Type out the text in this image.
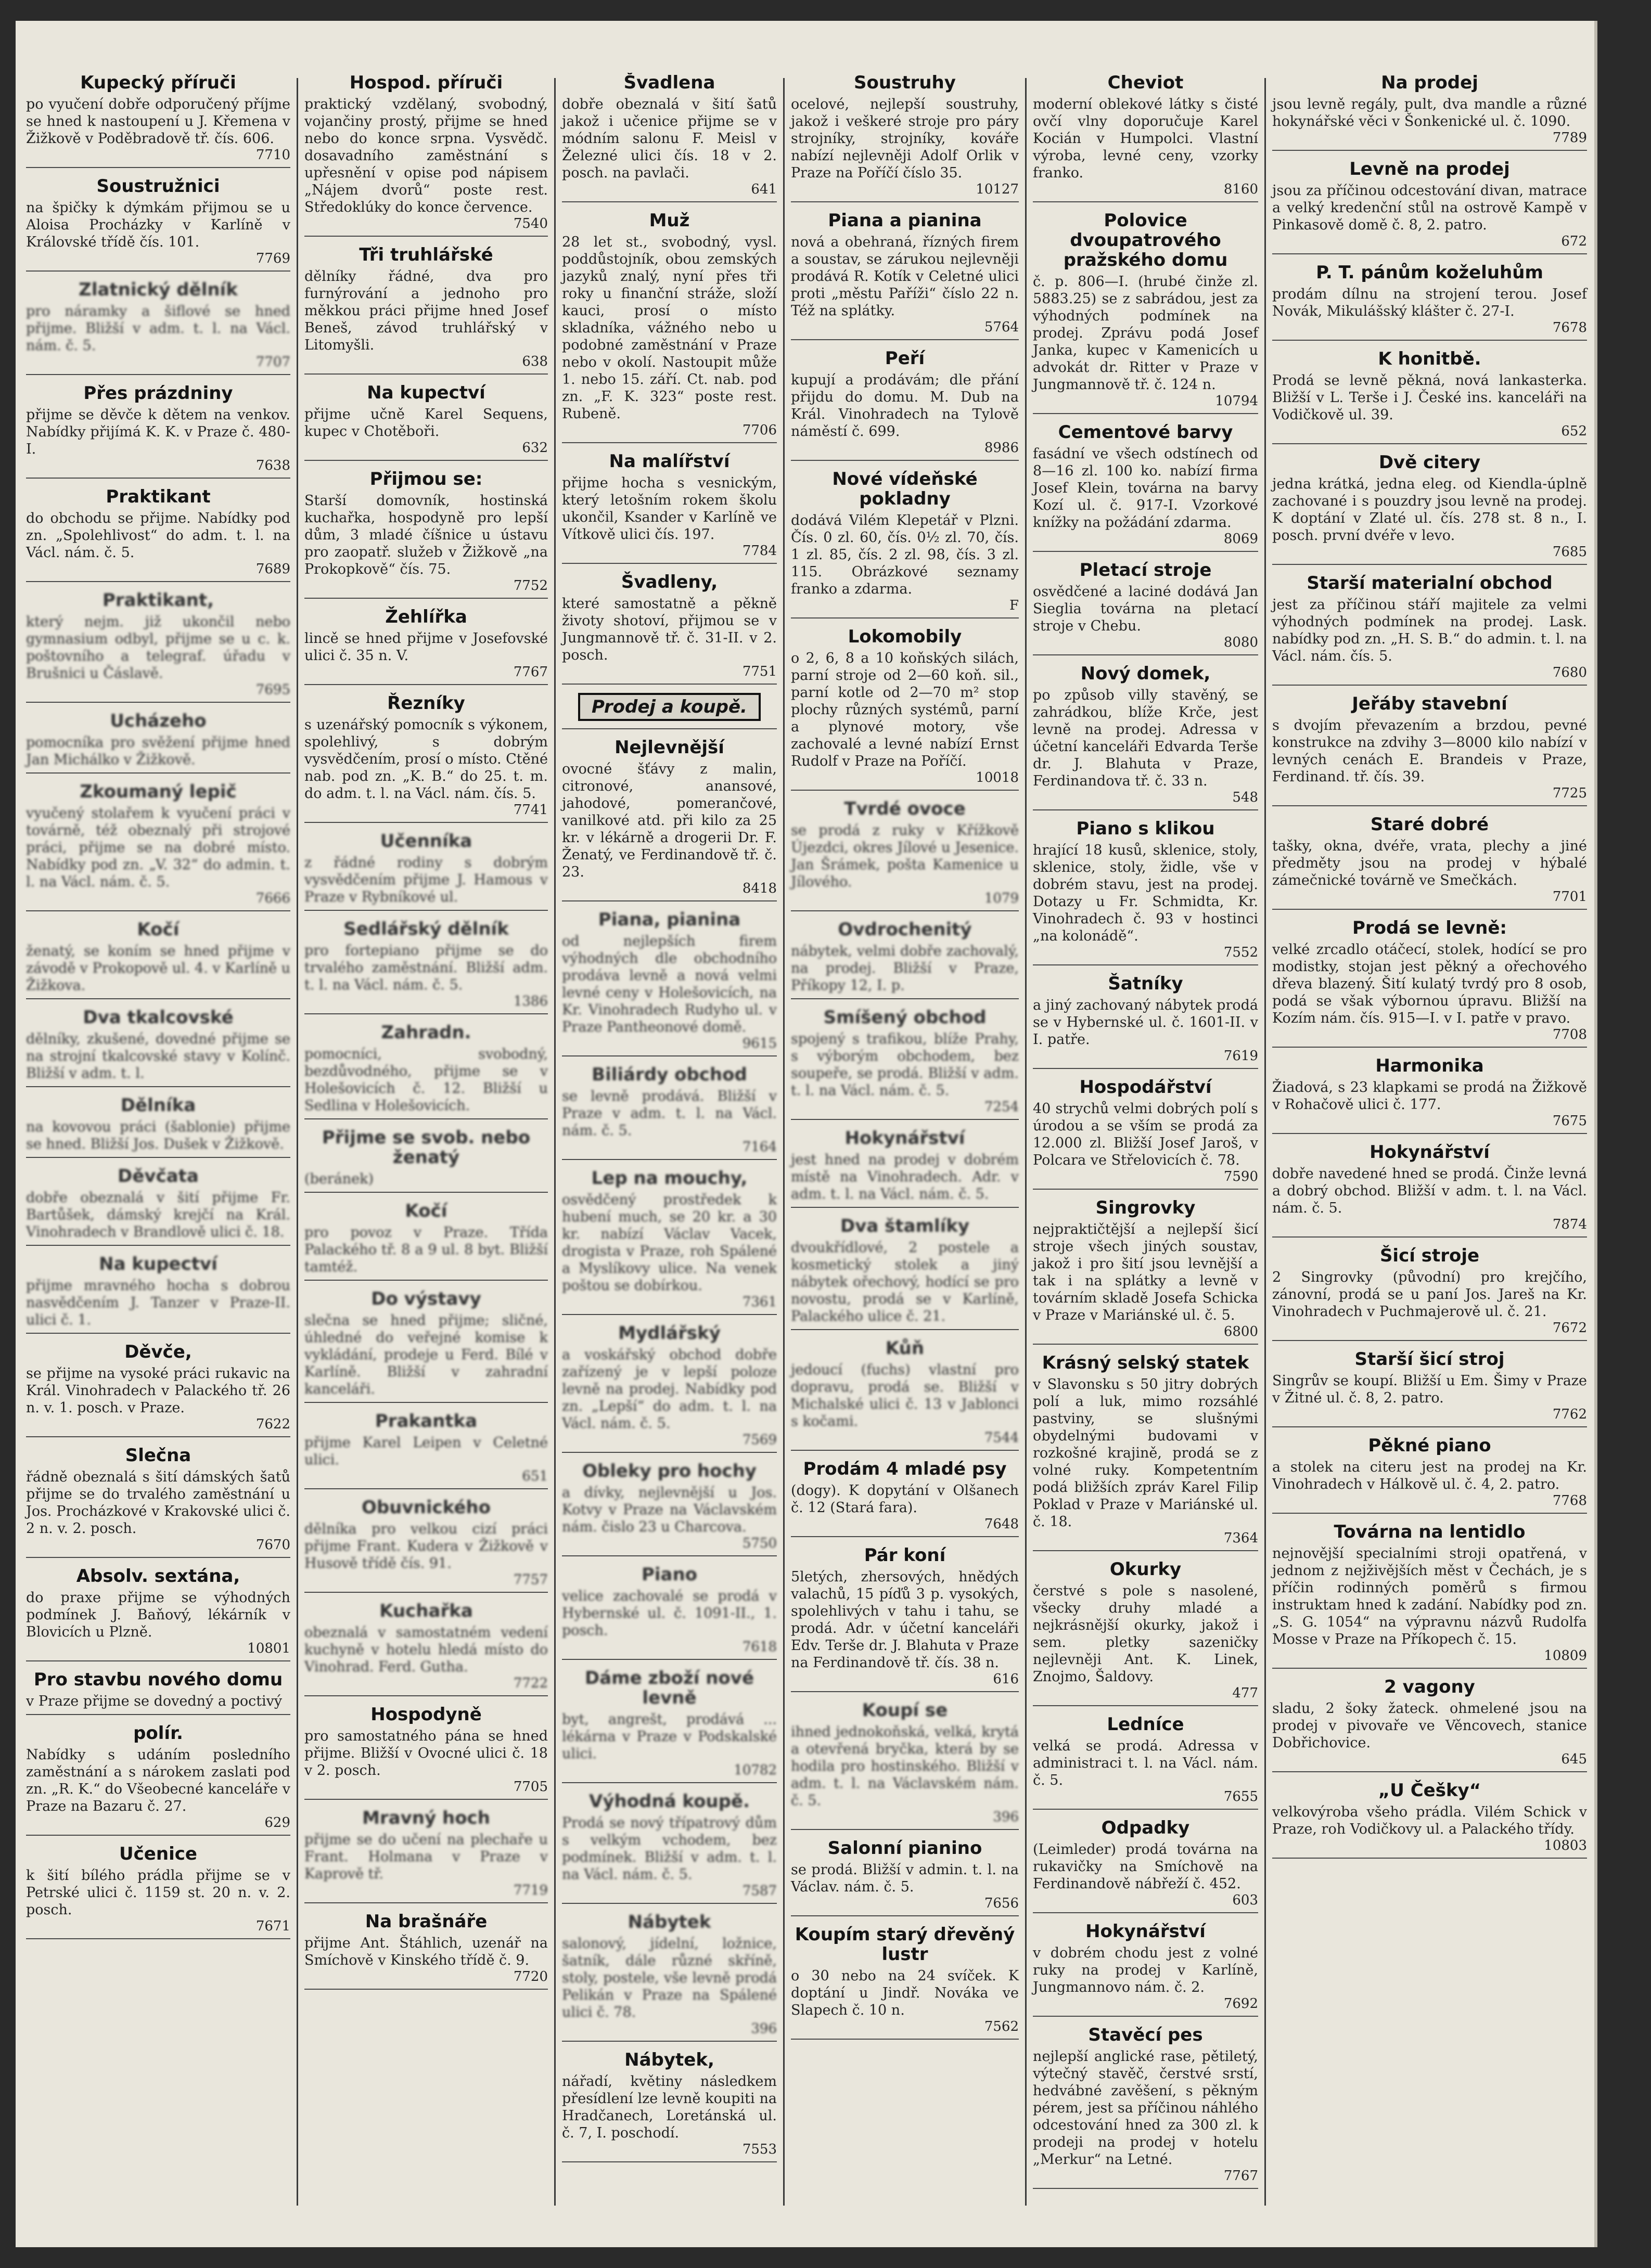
Kupecký příruči

po vyučení dobře odporučený příjme se hned k nastoupení u J. Křemena v Žižkově v Poděbradově tř. čís. 606.

7710
Soustružnici

na špičky k dýmkám přijmou se u Aloisa Procházky v Karlíně v Královské třídě čís. 101.

7769
Zlatnický dělník

pro náramky a šiflové se hned přijme. Bližší v adm. t. l. na Václ. nám. č. 5.

7707
Přes prázdniny

přijme se děvče k dětem na venkov. Nabídky přijímá K. K. v Praze č. 480-I.

7638
Praktikant

do obchodu se přijme. Nabídky pod zn. „Spolehlivost“ do adm. t. l. na Václ. nám. č. 5.

7689
Praktikant,

který nejm. již ukončil nebo gymnasium odbyl, přijme se u c. k. poštovního a telegraf. úřadu v Brušnici u Čáslavě.

7695
Ucházeho

pomocníka pro svěžení přijme hned Jan Michálko v Žižkově.

Zkoumaný lepič

vyučený stolařem k vyučení práci v továrně, též obeznalý při strojové práci, přijme se na dobré místo. Nabídky pod zn. „V. 32“ do admin. t. l. na Václ. nám. č. 5.

7666
Kočí

ženatý, se koním se hned přijme v závodě v Prokopově ul. 4. v Karlíně u Žižkova.

Dva tkalcovské

dělníky, zkušené, dovedné přijme se na strojní tkalcovské stavy v Kolínč. Bližší v adm. t. l.

Dělníka

na kovovou práci (šablonie) přijme se hned. Bližší Jos. Dušek v Žižkově.

Děvčata

dobře obeznalá v šití přijme Fr. Bartůšek, dámský krejčí na Král. Vinohradech v Brandlově ulici č. 18.

Na kupectví

přijme mravného hocha s dobrou nasvědčením J. Tanzer v Praze-II. ulici č. 1.

Děvče,

se přijme na vysoké práci rukavic na Král. Vinohradech v Palackého tř. 26 n. v. 1. posch. v Praze.

7622
Slečna

řádně obeznalá s šití dámských šatů přijme se do trvalého zaměstnání u Jos. Procházkové v Krakovské ulici č. 2 n. v. 2. posch.

7670
Absolv. sextána,

do praxe přijme se výhodných podmínek J. Baňový, lékárník v Blovicích u Plzně.

10801
Pro stavbu nového domu

v Praze přijme se dovedný a poctivý

polír.

Nabídky s udáním posledního zaměstnání a s nárokem zaslati pod zn. „R. K.“ do Všeobecné kanceláře v Praze na Bazaru č. 27.

629
Učenice

k šití bílého prádla přijme se v Petrské ulici č. 1159 st. 20 n. v. 2. posch.

7671
Hospod. příruči

praktický vzdělaný, svobodný, vojančiny prostý, přijme se hned nebo do konce srpna. Vysvědč. dosavadního zaměstnání s upřesnění v opise pod nápisem „Nájem dvorů“ poste rest. Středoklúky do konce července.

7540
Tři truhlářské

dělníky řádné, dva pro furnýrování a jednoho pro měkkou práci přijme hned Josef Beneš, závod truhlářský v Litomyšli.

638
Na kupectví

přijme učně Karel Sequens, kupec v Chotěboři.

632
Přijmou se:

Starší domovník, hostinská kuchařka, hospodyně pro lepší dům, 3 mladé číšnice u ústavu pro zaopatř. služeb v Žižkově „na Prokopkově“ čís. 75.

7752
Žehlířka

lincě se hned přijme v Josefovské ulici č. 35 n. V.

7767
Řezníky

s uzenářský pomocník s výkonem, spolehlivý, s dobrým vysvědčením, prosí o místo. Ctěné nab. pod zn. „K. B.“ do 25. t. m. do adm. t. l. na Václ. nám. čís. 5.

7741
Učenníka

z řádné rodiny s dobrým vysvědčením přijme J. Hamous v Praze v Rybníkové ul.

Sedlářský dělník

pro fortepiano přijme se do trvalého zaměstnání. Bližší adm. t. l. na Václ. nám. č. 5.

1386
Zahradn.

pomocníci, svobodný, bezdůvodného, přijme se v Holešovicích č. 12. Bližší u Sedlina v Holešovicích.

Přijme se svob. nebo ženatý

(beránek)

Kočí

pro povoz v Praze. Třída Palackého tř. 8 a 9 ul. 8 byt. Bližší tamtéž.

Do výstavy

slečna se hned přijme; sličné, úhledné do veřejné komise k vykládání, prodeje u Ferd. Bílé v Karlíně. Bližší v zahradní kanceláři.

Prakantka

přijme Karel Leipen v Celetné ulici.

651
Obuvnického

dělníka pro velkou cizí práci přijme Frant. Kudera v Žižkově v Husově třídě čís. 91.

7757
Kuchařka

obeznalá v samostatném vedení kuchyně v hotelu hledá místo do Vinohrad. Ferd. Gutha.

7722
Hospodyně

pro samostatného pána se hned přijme. Bližší v Ovocné ulici č. 18 v 2. posch.

7705
Mravný hoch

přijme se do učení na plechaře u Frant. Holmana v Praze v Kaprově tř.

7719
Na brašnáře

přijme Ant. Štáhlich, uzenář na Smíchově v Kinského třídě č. 9.

7720
Švadlena

dobře obeznalá v šití šatů jakož i učenice přijme se v módním salonu F. Meisl v Železné ulici čís. 18 v 2. posch. na pavlači.

641
Muž

28 let st., svobodný, vysl. poddůstojník, obou zemských jazyků znalý, nyní přes tři roky u finanční stráže, složí kauci, prosí o místo skladníka, vážného nebo u podobné zaměstnání v Praze nebo v okolí. Nastoupit může 1. nebo 15. září. Ct. nab. pod zn. „F. K. 323“ poste rest. Rubeně.

7706
Na malířství

přijme hocha s vesnickým, který letošním rokem školu ukončil, Ksander v Karlíně ve Vítkově ulici čís. 197.

7784
Švadleny,

které samostatně a pěkně životy shotoví, přijmou se v Jungmannově tř. č. 31-II. v 2. posch.

7751
Prodej a koupě.
Nejlevnější

ovocné šťávy z malin, citronové, anansové, jahodové, pomerančové, vanilkové atd. při kilo za 25 kr. v lékárně a drogerii Dr. F. Ženatý, ve Ferdinandově tř. č. 23.

8418
Piana, pianina

od nejlepších firem výhodných dle obchodního prodáva levně a nová velmi levné ceny v Holešovicích, na Kr. Vinohradech Rudyho ul. v Praze Pantheonové domě.

9615
Biliárdy obchod

se levně prodává. Bližší v Praze v adm. t. l. na Václ. nám. č. 5.

7164
Lep na mouchy,

osvědčený prostředek k hubení much, se 20 kr. a 30 kr. nabízí Václav Vacek, drogista v Praze, roh Spálené a Myslíkovy ulice. Na venek poštou se dobírkou.

7361
Mydlářský

a voskářský obchod dobře zařízený je v lepší poloze levně na prodej. Nabídky pod zn. „Lepší“ do adm. t. l. na Václ. nám. č. 5.

7569
Obleky pro hochy

a dívky, nejlevnější u Jos. Kotvy v Praze na Václavském nám. čislo 23 u Charcova.

5750
Piano

velice zachovalé se prodá v Hybernské ul. č. 1091-II., 1. posch.

7618
Dáme zboží nové levně

byt, angrešt, prodává ... lékárna v Praze v Podskalské ulici.

10782
Výhodná koupě.

Prodá se nový třípatrový dům s velkým vchodem, bez podmínek. Bližší v adm. t. l. na Václ. nám. č. 5.

7587
Nábytek

salonový, jídelní, ložnice, šatník, dále různé skříně, stoly, postele, vše levně prodá Pelikán v Praze na Spálené ulici č. 78.

396
Nábytek,

nářadí, květiny následkem přesídlení lze levně koupiti na Hradčanech, Loretánská ul. č. 7, I. poschodí.

7553
Soustruhy

ocelové, nejlepší soustruhy, jakož i veškeré stroje pro páry strojníky, strojníky, kováře nabízí nejlevněji Adolf Orlik v Praze na Poříčí číslo 35.

10127
Piana a pianina

nová a obehraná, řízných firem a soustav, se zárukou nejlevněji prodává R. Kotík v Celetné ulici proti „městu Paříži“ číslo 22 n. Též na splátky.

5764
Peří

kupují a prodávám; dle přání přijdu do domu. M. Dub na Král. Vinohradech na Tylově náměstí č. 699.

8986
Nové vídeňské pokladny

dodává Vilém Klepetář v Plzni. Čís. 0 zl. 60, čís. 0½ zl. 70, čís. 1 zl. 85, čís. 2 zl. 98, čís. 3 zl. 115. Obrázkové seznamy franko a zdarma.

F
Lokomobily

o 2, 6, 8 a 10 koňských silách, parní stroje od 2—60 koň. sil., parní kotle od 2—70 m² stop plochy různých systémů, parní a plynové motory, vše zachovalé a levné nabízí Ernst Rudolf v Praze na Poříčí.

10018
Tvrdé ovoce

se prodá z ruky v Křížkově Újezdci, okres Jílové u Jesenice. Jan Šrámek, pošta Kamenice u Jílového.

1079
Ovdrochenitý

nábytek, velmi dobře zachovalý, na prodej. Bližší v Praze, Příkopy 12, I. p.

Smíšený obchod

spojený s trafikou, blíže Prahy, s výborým obchodem, bez soupeře, se prodá. Bližší v adm. t. l. na Václ. nám. č. 5.

7254
Hokynářství

jest hned na prodej v dobrém místě na Vinohradech. Adr. v adm. t. l. na Václ. nám. č. 5.

Dva štamlíky

dvoukřídlové, 2 postele a kosmetický stolek a jiný nábytek ořechový, hodící se pro novostu, prodá se v Karlíně, Palackého ulice č. 21.

Kůň

jedoucí (fuchs) vlastní pro dopravu, prodá se. Bližší v Michalské ulici č. 13 v Jablonci s kočami.

7544
Prodám 4 mladé psy

(dogy). K dopytání v Olšanech č. 12 (Stará fara).

7648
Pár koní

5letých, zhersových, hnědých valachů, 15 píďů 3 p. vysokých, spolehlivých v tahu i tahu, se prodá. Adr. v účetní kanceláři Edv. Terše dr. J. Blahuta v Praze na Ferdinandově tř. čís. 38 n.

616
Koupí se

ihned jednokoňská, velká, krytá a otevřená bryčka, která by se hodila pro hostinského. Bližší v adm. t. l. na Václavském nám. č. 5.

396
Salonní pianino

se prodá. Bližší v admin. t. l. na Václav. nám. č. 5.

7656
Koupím starý dřevěný lustr

o 30 nebo na 24 svíček. K doptání u Jindř. Nováka ve Slapech č. 10 n.

7562
Cheviot

moderní oblekové látky s čisté ovčí vlny doporučuje Karel Kocián v Humpolci. Vlastní výroba, levné ceny, vzorky franko.

8160
Polovice dvoupatrového pražského domu

č. p. 806—I. (hrubé činže zl. 5883.25) se z sabrádou, jest za výhodných podmínek na prodej. Zprávu podá Josef Janka, kupec v Kamenicích u advokát dr. Ritter v Praze v Jungmannově tř. č. 124 n.

10794
Cementové barvy

fasádní ve všech odstínech od 8—16 zl. 100 ko. nabízí firma Josef Klein, továrna na barvy Kozí ul. č. 917-I. Vzorkové knížky na požádání zdarma.

8069
Pletací stroje

osvědčené a laciné dodává Jan Sieglia továrna na pletací stroje v Chebu.

8080
Nový domek,

po způsob villy stavěný, se zahrádkou, blíže Krče, jest levně na prodej. Adressa v účetní kanceláři Edvarda Terše dr. J. Blahuta v Praze, Ferdinandova tř. č. 33 n.

548
Piano s klikou

hrající 18 kusů, sklenice, stoly, sklenice, stoly, židle, vše v dobrém stavu, jest na prodej. Dotazy u Fr. Schmidta, Kr. Vinohradech č. 93 v hostinci „na kolonádě“.

7552
Šatníky

a jiný zachovaný nábytek prodá se v Hybernské ul. č. 1601-II. v I. patře.

7619
Hospodářství

40 strychů velmi dobrých polí s úrodou a se vším se prodá za 12.000 zl. Bližší Josef Jaroš, v Polcara ve Střelovicích č. 78.

7590
Singrovky

nejpraktičtější a nejlepší šicí stroje všech jiných soustav, jakož i pro šití jsou levnější a tak i na splátky a levně v továrním skladě Josefa Schicka v Praze v Mariánské ul. č. 5.

6800
Krásný selský statek

v Slavonsku s 50 jitry dobrých polí a luk, mimo rozsáhlé pastviny, se slušnými obydelnými budovami v rozkošné krajině, prodá se z volné ruky. Kompetentním podá bližších zpráv Karel Filip Poklad v Praze v Mariánské ul. č. 18.

7364
Okurky

čerstvé s pole s nasolené, všecky druhy mladé a nejkrásnější okurky, jakož i sem. pletky sazeničky nejlevněji Ant. K. Linek, Znojmo, Šaldovy.

477
Ledníce

velká se prodá. Adressa v administraci t. l. na Václ. nám. č. 5.

7655
Odpadky

(Leimleder) prodá továrna na rukavičky na Smíchově na Ferdinandově nábřeží č. 452.

603
Hokynářství

v dobrém chodu jest z volné ruky na prodej v Karlíně, Jungmannovo nám. č. 2.

7692
Stavěcí pes

nejlepší anglické rase, pětiletý, výtečný stavěč, čerstvé srstí, hedvábné zavěšení, s pěkným pérem, jest sa příčinou náhlého odcestování hned za 300 zl. k prodeji na prodej v hotelu „Merkur“ na Letné.

7767
Na prodej

jsou levně regály, pult, dva mandle a různé hokynářské věci v Šonkenické ul. č. 1090.

7789
Levně na prodej

jsou za příčinou odcestování divan, matrace a velký kredenční stůl na ostrově Kampě v Pinkasově domě č. 8, 2. patro.

672
P. T. pánům koželuhům

prodám dílnu na strojení terou. Josef Novák, Mikulášský klášter č. 27-I.

7678
K honitbě.

Prodá se levně pěkná, nová lankasterka. Bližší v L. Terše i J. České ins. kanceláři na Vodičkově ul. 39.

652
Dvě citery

jedna krátká, jedna eleg. od Kiendla-úplně zachované i s pouzdry jsou levně na prodej. K doptání v Zlaté ul. čís. 278 st. 8 n., I. posch. první dvéře v levo.

7685
Starší materialní obchod

jest za příčinou stáří majitele za velmi výhodných podmínek na prodej. Lask. nabídky pod zn. „H. S. B.“ do admin. t. l. na Václ. nám. čís. 5.

7680
Jeřáby stavební

s dvojím převazením a brzdou, pevné konstrukce na zdvihy 3—8000 kilo nabízí v levných cenách E. Brandeis v Praze, Ferdinand. tř. čís. 39.

7725
Staré dobré

tašky, okna, dvéře, vrata, plechy a jiné předměty jsou na prodej v hýbalé zámečnické továrně ve Smečkách.

7701
Prodá se levně:

velké zrcadlo otáčecí, stolek, hodící se pro modistky, stojan jest pěkný a ořechového dřeva blazený. Šití kulatý tvrdý pro 8 osob, podá se však výbornou úpravu. Bližší na Kozím nám. čís. 915—I. v I. patře v pravo.

7708
Harmonika

Žiadová, s 23 klapkami se prodá na Žižkově v Rohačově ulici č. 177.

7675
Hokynářství

dobře navedené hned se prodá. Činže levná a dobrý obchod. Bližší v adm. t. l. na Václ. nám. č. 5.

7874
Šicí stroje

2 Singrovky (původní) pro krejčího, zánovní, prodá se u paní Jos. Jareš na Kr. Vinohradech v Puchmajerově ul. č. 21.

7672
Starší šicí stroj

Singrův se koupí. Bližší u Em. Šimy v Praze v Žitné ul. č. 8, 2. patro.

7762
Pěkné piano

a stolek na citeru jest na prodej na Kr. Vinohradech v Hálkově ul. č. 4, 2. patro.

7768
Továrna na lentidlo

nejnovější specialními stroji opatřená, v jednom z nejživějších měst v Čechách, je s příčin rodinných poměrů s firmou instruktam hned k zadání. Nabídky pod zn. „S. G. 1054“ na výpravnu názvů Rudolfa Mosse v Praze na Příkopech č. 15.

10809
2 vagony

sladu, 2 šoky žateck. ohmelené jsou na prodej v pivovaře ve Věncovech, stanice Dobřichovice.

645
„U Češky“

velkovýroba všeho prádla. Vilém Schick v Praze, roh Vodičkovy ul. a Palackého třídy.

10803
